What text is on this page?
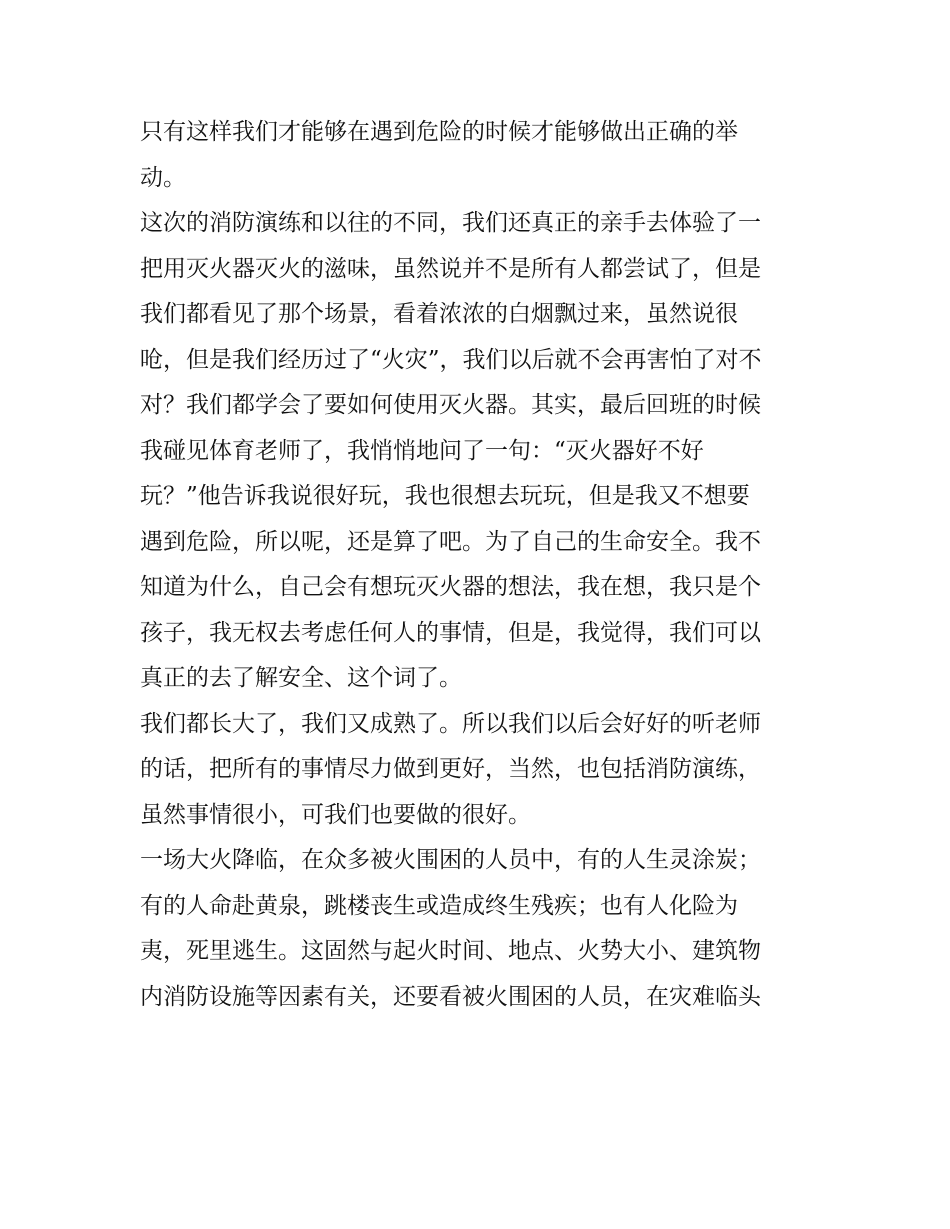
只有这样我们才能够在遇到危险的时候才能够做出正确的举
动。
这次的消防演练和以往的不同，我们还真正的亲手去体验了一
把用灭火器灭火的滋味，虽然说并不是所有人都尝试了，但是
我们都看见了那个场景，看着浓浓的白烟飘过来，虽然说很
呛，但是我们经历过了“火灾”，我们以后就不会再害怕了对不
对？我们都学会了要如何使用灭火器。其实，最后回班的时候
我碰见体育老师了，我悄悄地问了一句：“灭火器好不好
玩？”他告诉我说很好玩，我也很想去玩玩，但是我又不想要
遇到危险，所以呢，还是算了吧。为了自己的生命安全。我不
知道为什么，自己会有想玩灭火器的想法，我在想，我只是个
孩子，我无权去考虑任何人的事情，但是，我觉得，我们可以
真正的去了解安全、这个词了。
我们都长大了，我们又成熟了。所以我们以后会好好的听老师
的话，把所有的事情尽力做到更好，当然，也包括消防演练，
虽然事情很小，可我们也要做的很好。
一场大火降临，在众多被火围困的人员中，有的人生灵涂炭；
有的人命赴黄泉，跳楼丧生或造成终生残疾；也有人化险为
夷，死里逃生。这固然与起火时间、地点、火势大小、建筑物
内消防设施等因素有关，还要看被火围困的人员，在灾难临头
